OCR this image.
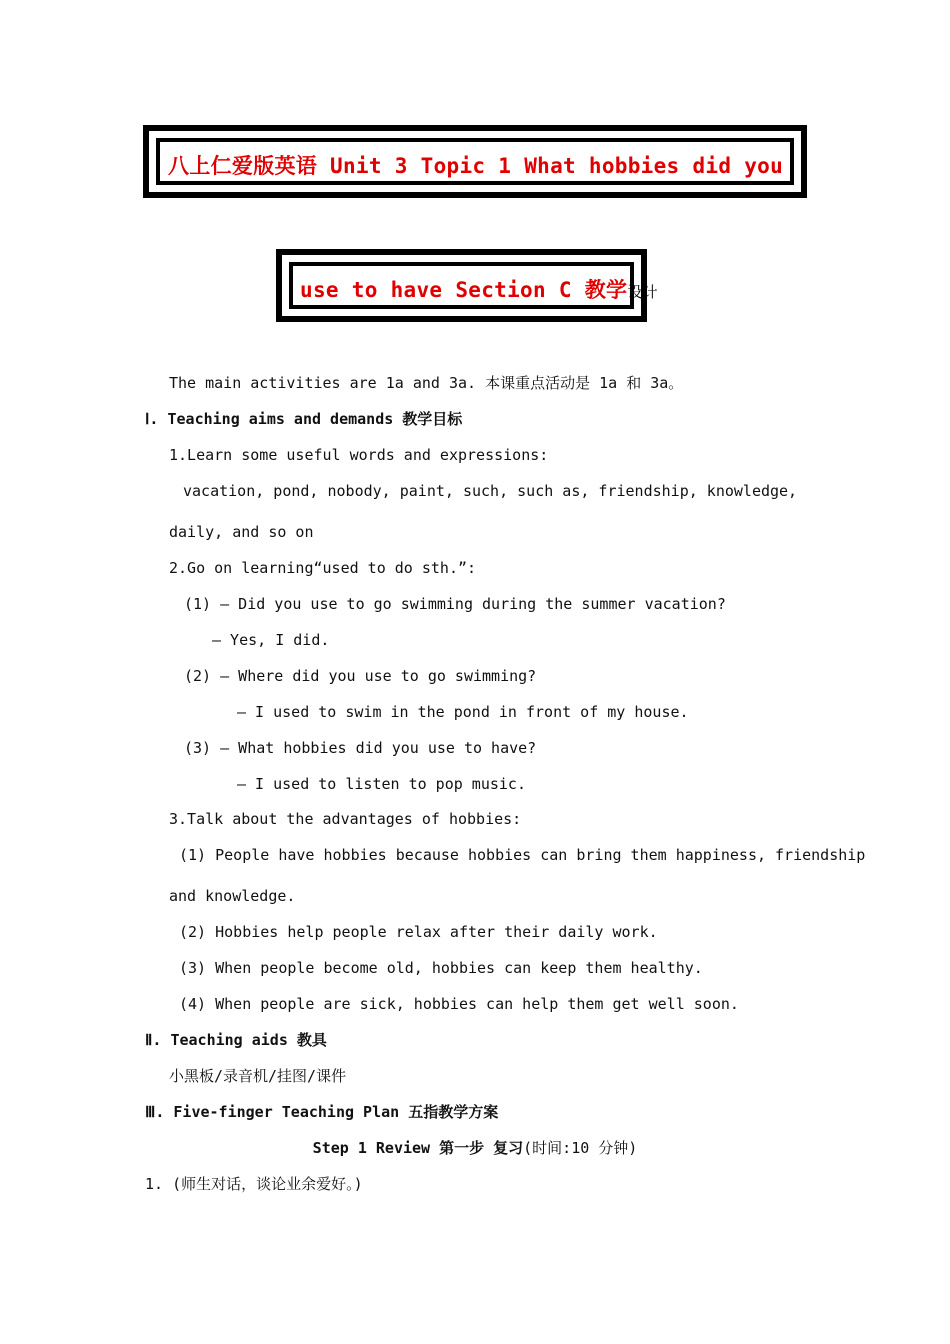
八上仁爱版英语 Unit 3 Topic 1 What hobbies did you
use to have Section C 教学设计
The main activities are 1a and 3a. 本课重点活动是 1a 和 3a。
Ⅰ. Teaching aims and demands 教学目标
1.Learn some useful words and expressions:
vacation, pond, nobody, paint, such, such as, friendship, knowledge,
daily, and so on
2.Go on learning“used to do sth.”:
(1) — Did you use to go swimming during the summer vacation?
— Yes, I did.
(2) — Where did you use to go swimming?
— I used to swim in the pond in front of my house.
(3) — What hobbies did you use to have?
— I used to listen to pop music.
3.Talk about the advantages of hobbies:
(1) People have hobbies because hobbies can bring them happiness, friendship
and knowledge.
(2) Hobbies help people relax after their daily work.
(3) When people become old, hobbies can keep them healthy.
(4) When people are sick, hobbies can help them get well soon.
Ⅱ. Teaching aids 教具
小黑板/录音机/挂图/课件
Ⅲ. Five-finger Teaching Plan 五指教学方案
Step 1 Review 第一步 复习(时间:10 分钟)
1. (师生对话，谈论业余爱好。)
